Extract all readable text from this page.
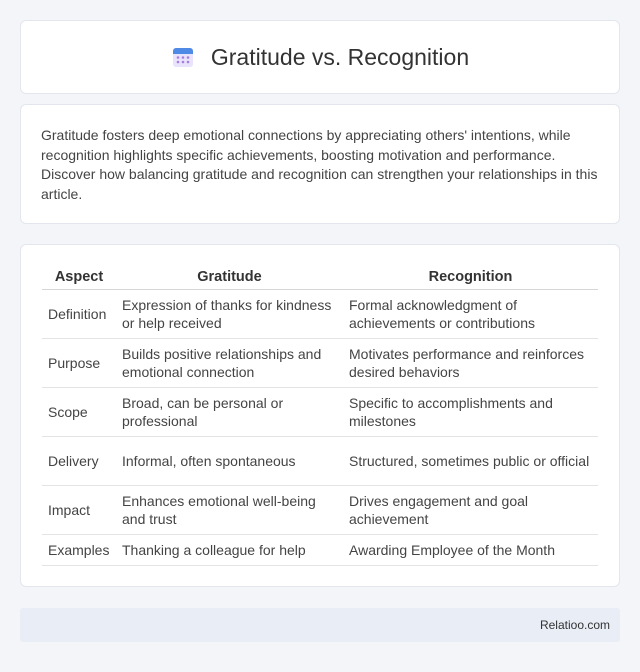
Gratitude vs. Recognition

Gratitude fosters deep emotional connections by appreciating others' intentions, while recognition highlights specific achievements, boosting motivation and performance. Discover how balancing gratitude and recognition can strengthen your relationships in this article.

Aspect	Gratitude	Recognition
Definition	Expression of thanks for kindness or help received	Formal acknowledgment of achievements or contributions
Purpose	Builds positive relationships and emotional connection	Motivates performance and reinforces desired behaviors
Scope	Broad, can be personal or professional	Specific to accomplishments and milestones
Delivery	Informal, often spontaneous	Structured, sometimes public or official
Impact	Enhances emotional well-being and trust	Drives engagement and goal achievement
Examples	Thanking a colleague for help	Awarding Employee of the Month
Relatioo.com
